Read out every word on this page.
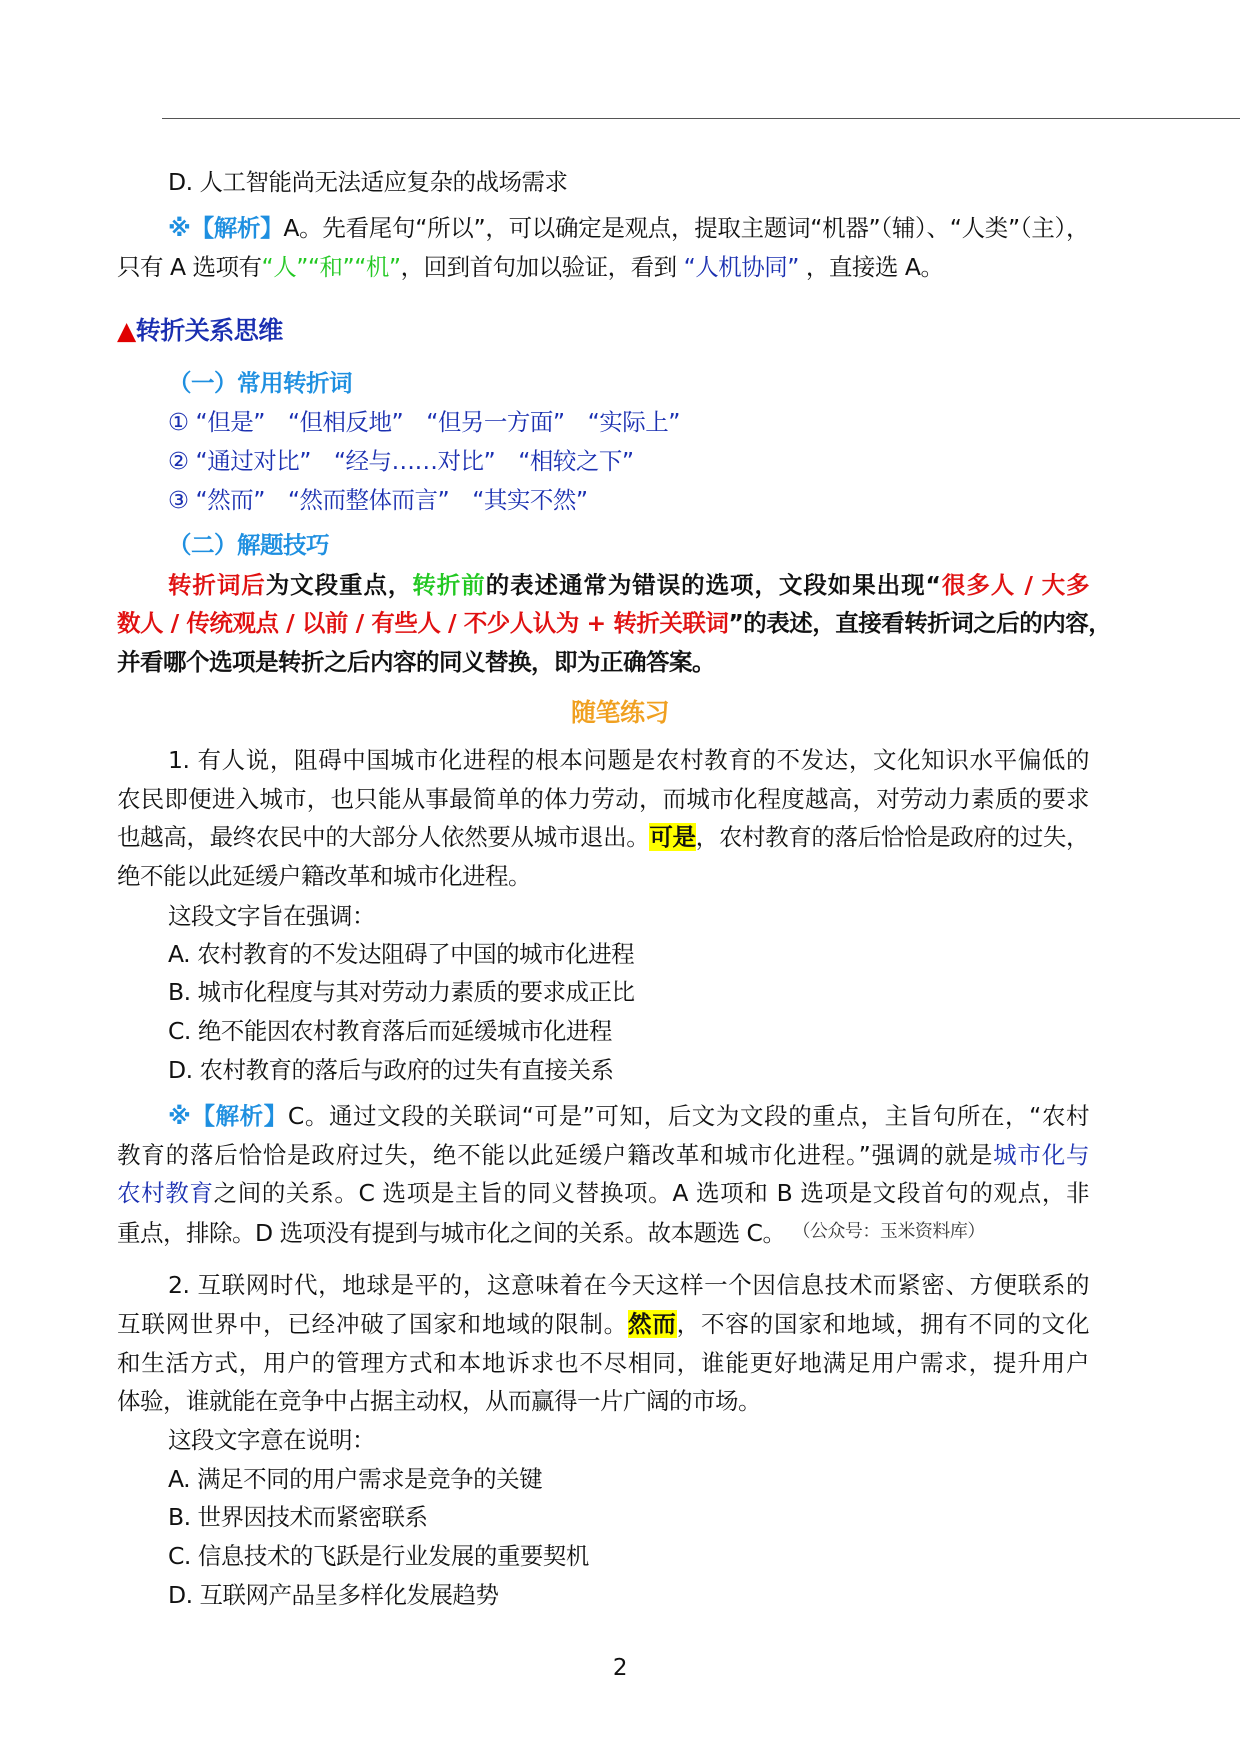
D. 人工智能尚无法适应复杂的战场需求
※【解析】A。先看尾句“所以”，可以确定是观点，提取主题词“机器”（辅）、“人类”（主），
只有 A 选项有“人”“和”“机”，回到首句加以验证，看到 “人机协同” ，直接选 A。
▲转折关系思维
（一）常用转折词
① “但是”　“但相反地”　“但另一方面”　“实际上”
② “通过对比”　“经与……对比”　“相较之下”
③ “然而”　“然而整体而言”　“其实不然”
（二）解题技巧
转折词后为文段重点，转折前的表述通常为错误的选项，文段如果出现“很多人 / 大多
数人 / 传统观点 / 以前 / 有些人 / 不少人认为 + 转折关联词”的表述，直接看转折词之后的内容，
并看哪个选项是转折之后内容的同义替换，即为正确答案。
随笔练习
1. 有人说，阻碍中国城市化进程的根本问题是农村教育的不发达，文化知识水平偏低的
农民即便进入城市，也只能从事最简单的体力劳动，而城市化程度越高，对劳动力素质的要求
也越高，最终农民中的大部分人依然要从城市退出。可是，农村教育的落后恰恰是政府的过失，
绝不能以此延缓户籍改革和城市化进程。
这段文字旨在强调：
A. 农村教育的不发达阻碍了中国的城市化进程
B. 城市化程度与其对劳动力素质的要求成正比
C. 绝不能因农村教育落后而延缓城市化进程
D. 农村教育的落后与政府的过失有直接关系
※【解析】C。通过文段的关联词“可是”可知，后文为文段的重点，主旨句所在，“农村
教育的落后恰恰是政府过失，绝不能以此延缓户籍改革和城市化进程。”强调的就是城市化与
农村教育之间的关系。C 选项是主旨的同义替换项。A 选项和 B 选项是文段首句的观点，非
重点，排除。D 选项没有提到与城市化之间的关系。故本题选 C。 （公众号：玉米资料库）
2. 互联网时代，地球是平的，这意味着在今天这样一个因信息技术而紧密、方便联系的
互联网世界中，已经冲破了国家和地域的限制。然而，不容的国家和地域，拥有不同的文化
和生活方式，用户的管理方式和本地诉求也不尽相同，谁能更好地满足用户需求，提升用户
体验，谁就能在竞争中占据主动权，从而赢得一片广阔的市场。
这段文字意在说明：
A. 满足不同的用户需求是竞争的关键
B. 世界因技术而紧密联系
C. 信息技术的飞跃是行业发展的重要契机
D. 互联网产品呈多样化发展趋势
2
